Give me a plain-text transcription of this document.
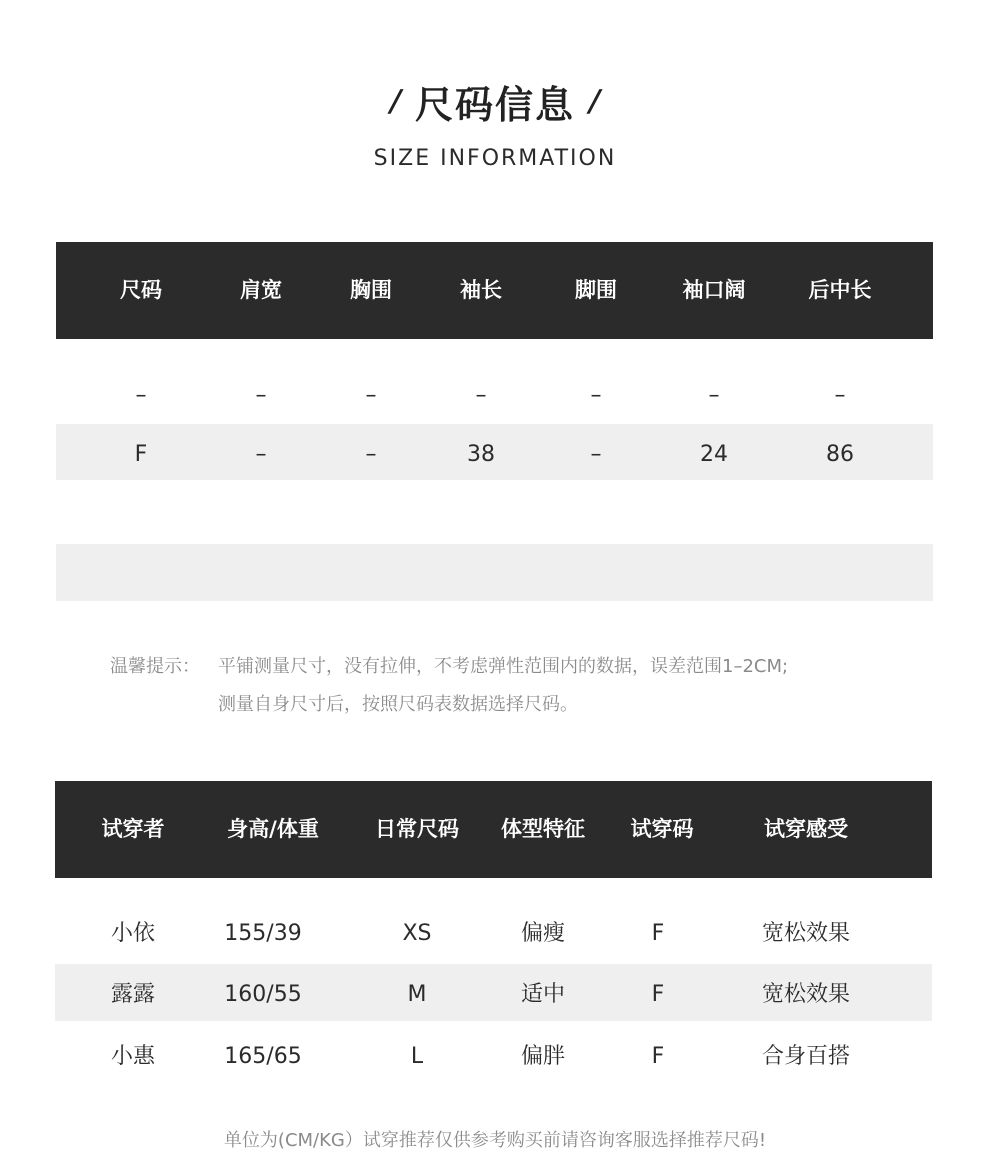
/ 尺码信息 /
SIZE INFORMATION
尺码	肩宽	胸围	袖长	脚围	袖口阔	后中长
–	–	–	–	–	–	–
F	–	–	38	–	24	86
温馨提示： 平铺测量尺寸，没有拉伸，不考虑弹性范围内的数据，误差范围1–2CM;
测量自身尺寸后，按照尺码表数据选择尺码。
试穿者	身高/体重	日常尺码	体型特征	试穿码	试穿感受
小依	155/39	XS	偏瘦	F	宽松效果
露露	160/55	M	适中	F	宽松效果
小惠	165/65	L	偏胖	F	合身百搭
单位为(CM/KG）试穿推荐仅供参考购买前请咨询客服选择推荐尺码!
